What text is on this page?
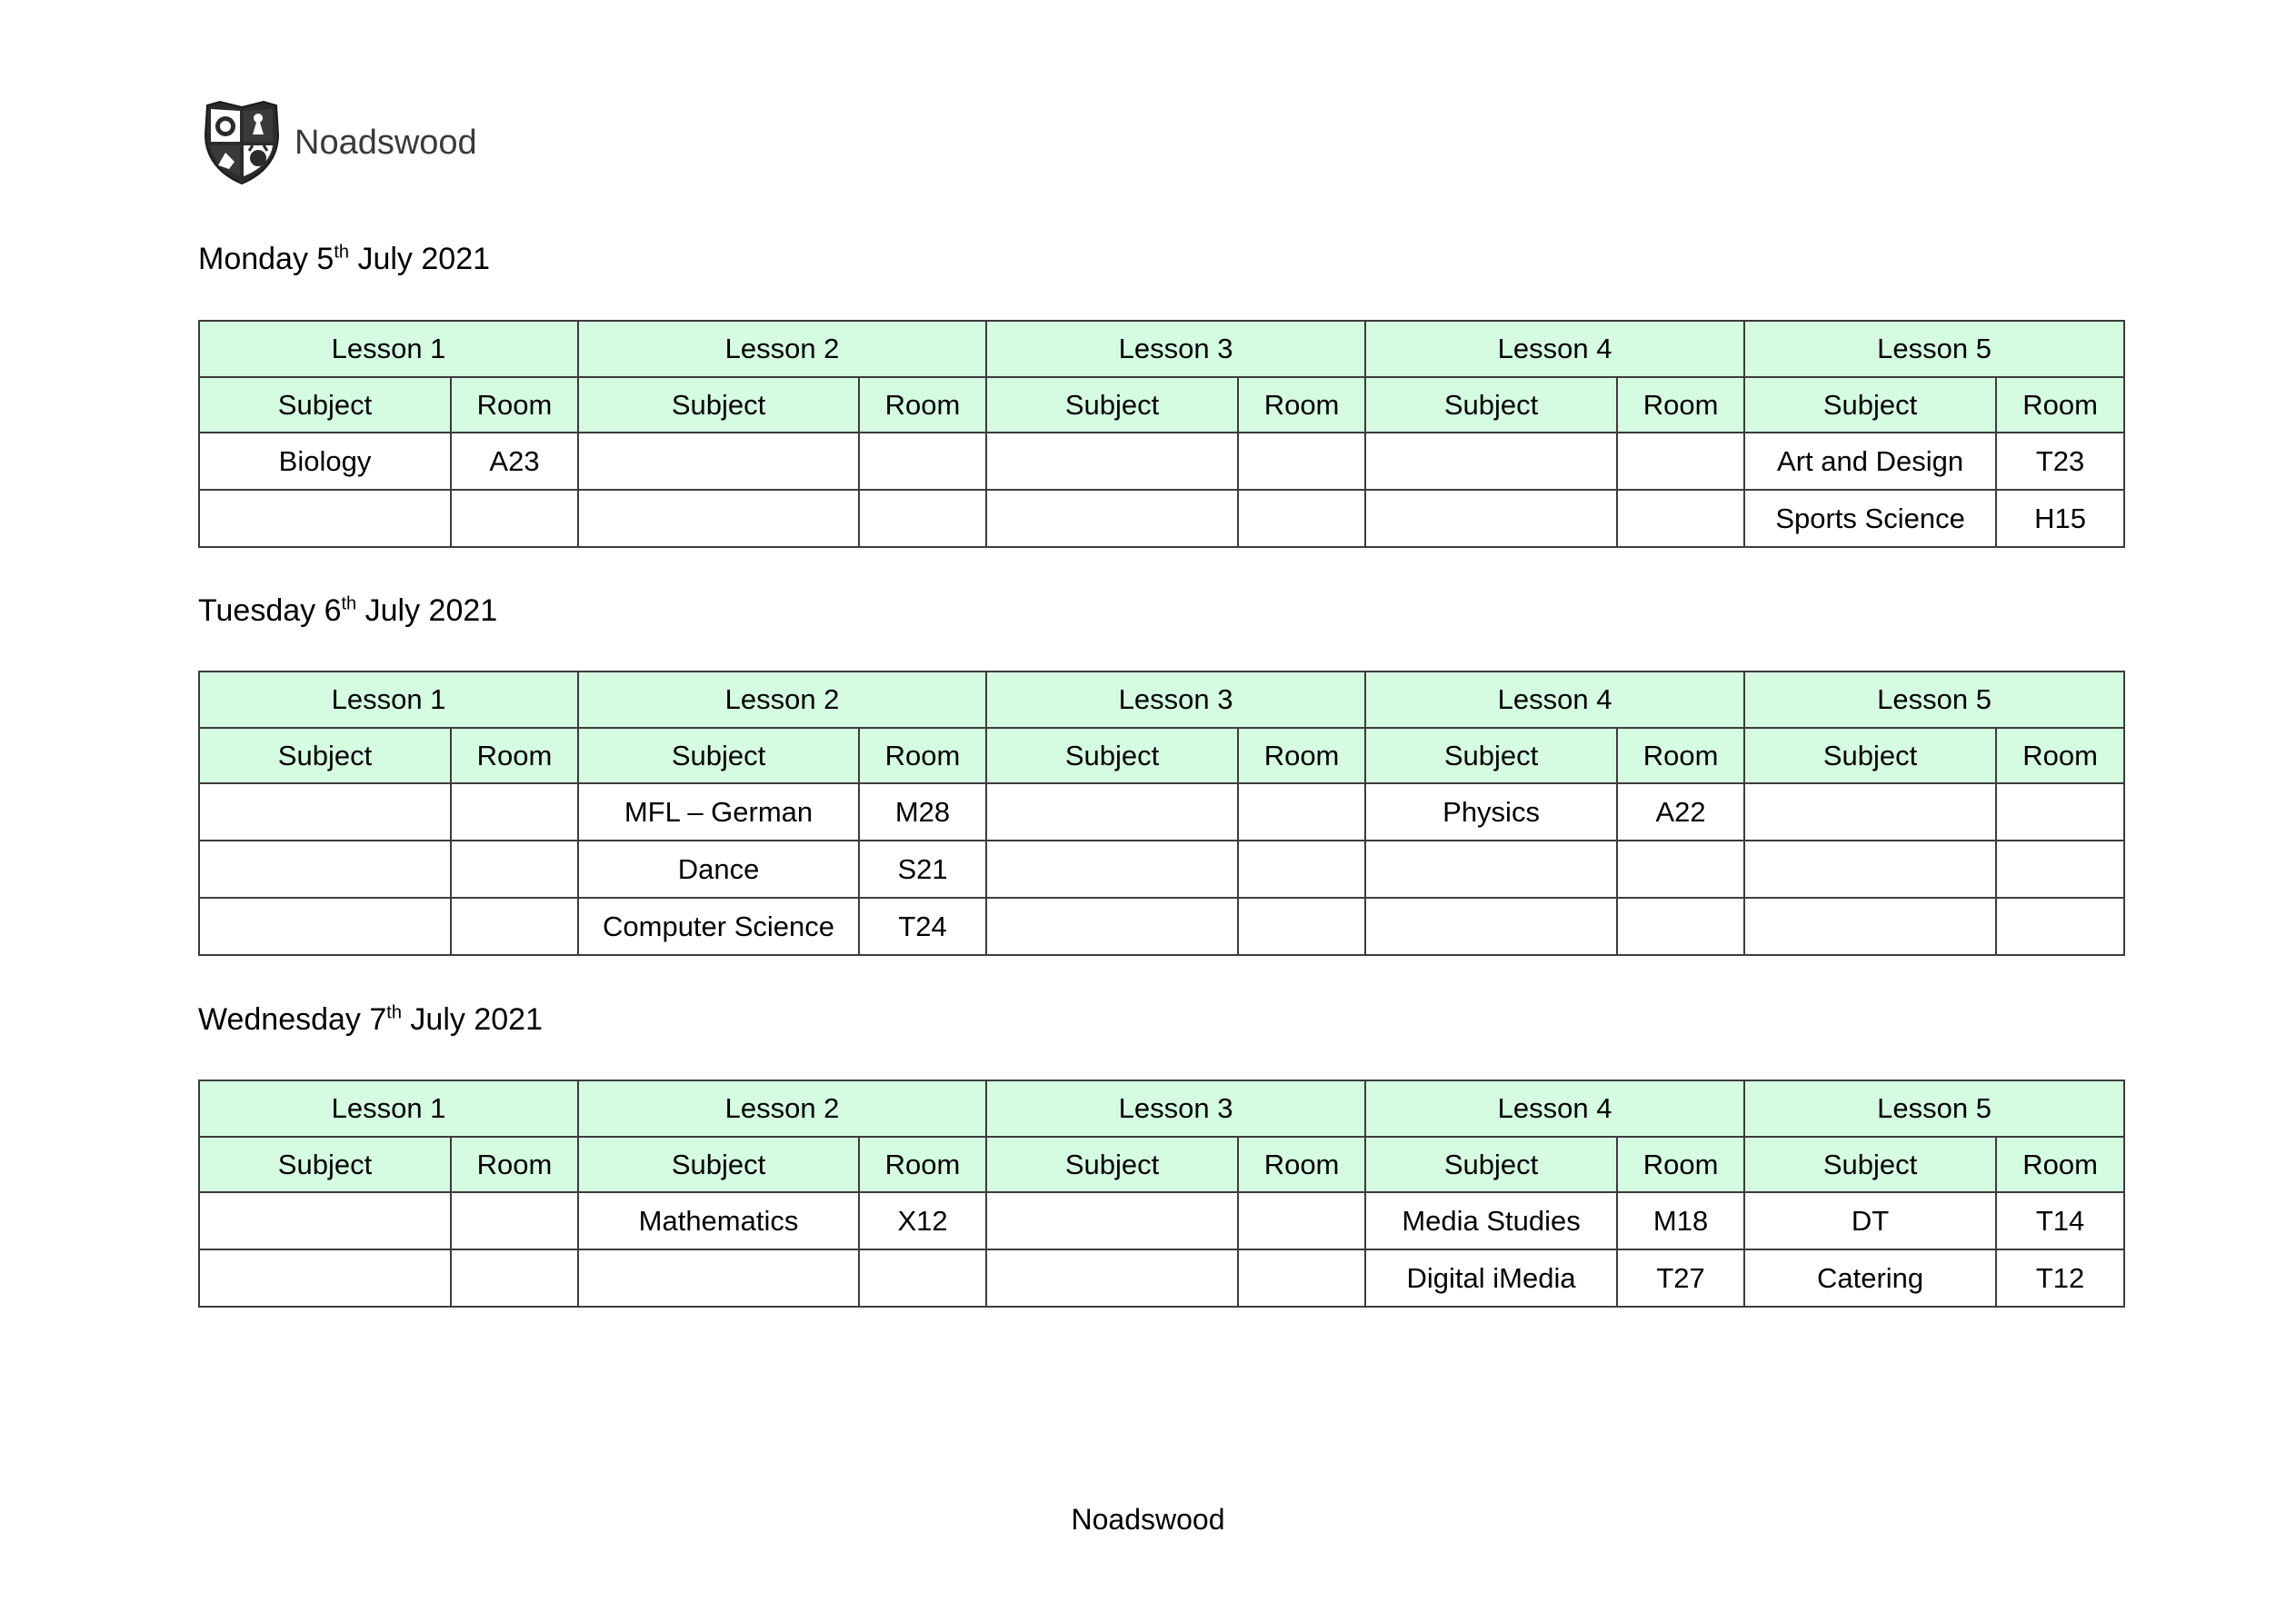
Noadswood
Monday 5th July 2021
Tuesday 6th July 2021
Wednesday 7th July 2021
Lesson 1		Lesson 2		Lesson 3		Lesson 4		Lesson 5	
Subject	Room	Subject	Room	Subject	Room	Subject	Room	Subject	Room
Biology	A23							Art and Design	T23
								Sports Science	H15
Lesson 1		Lesson 2		Lesson 3		Lesson 4		Lesson 5	
Subject	Room	Subject	Room	Subject	Room	Subject	Room	Subject	Room
		MFL – German	M28			Physics	A22		
		Dance	S21						
		Computer Science	T24						
Lesson 1		Lesson 2		Lesson 3		Lesson 4		Lesson 5	
Subject	Room	Subject	Room	Subject	Room	Subject	Room	Subject	Room
		Mathematics	X12			Media Studies	M18	DT	T14
						Digital iMedia	T27	Catering	T12
Noadswood
